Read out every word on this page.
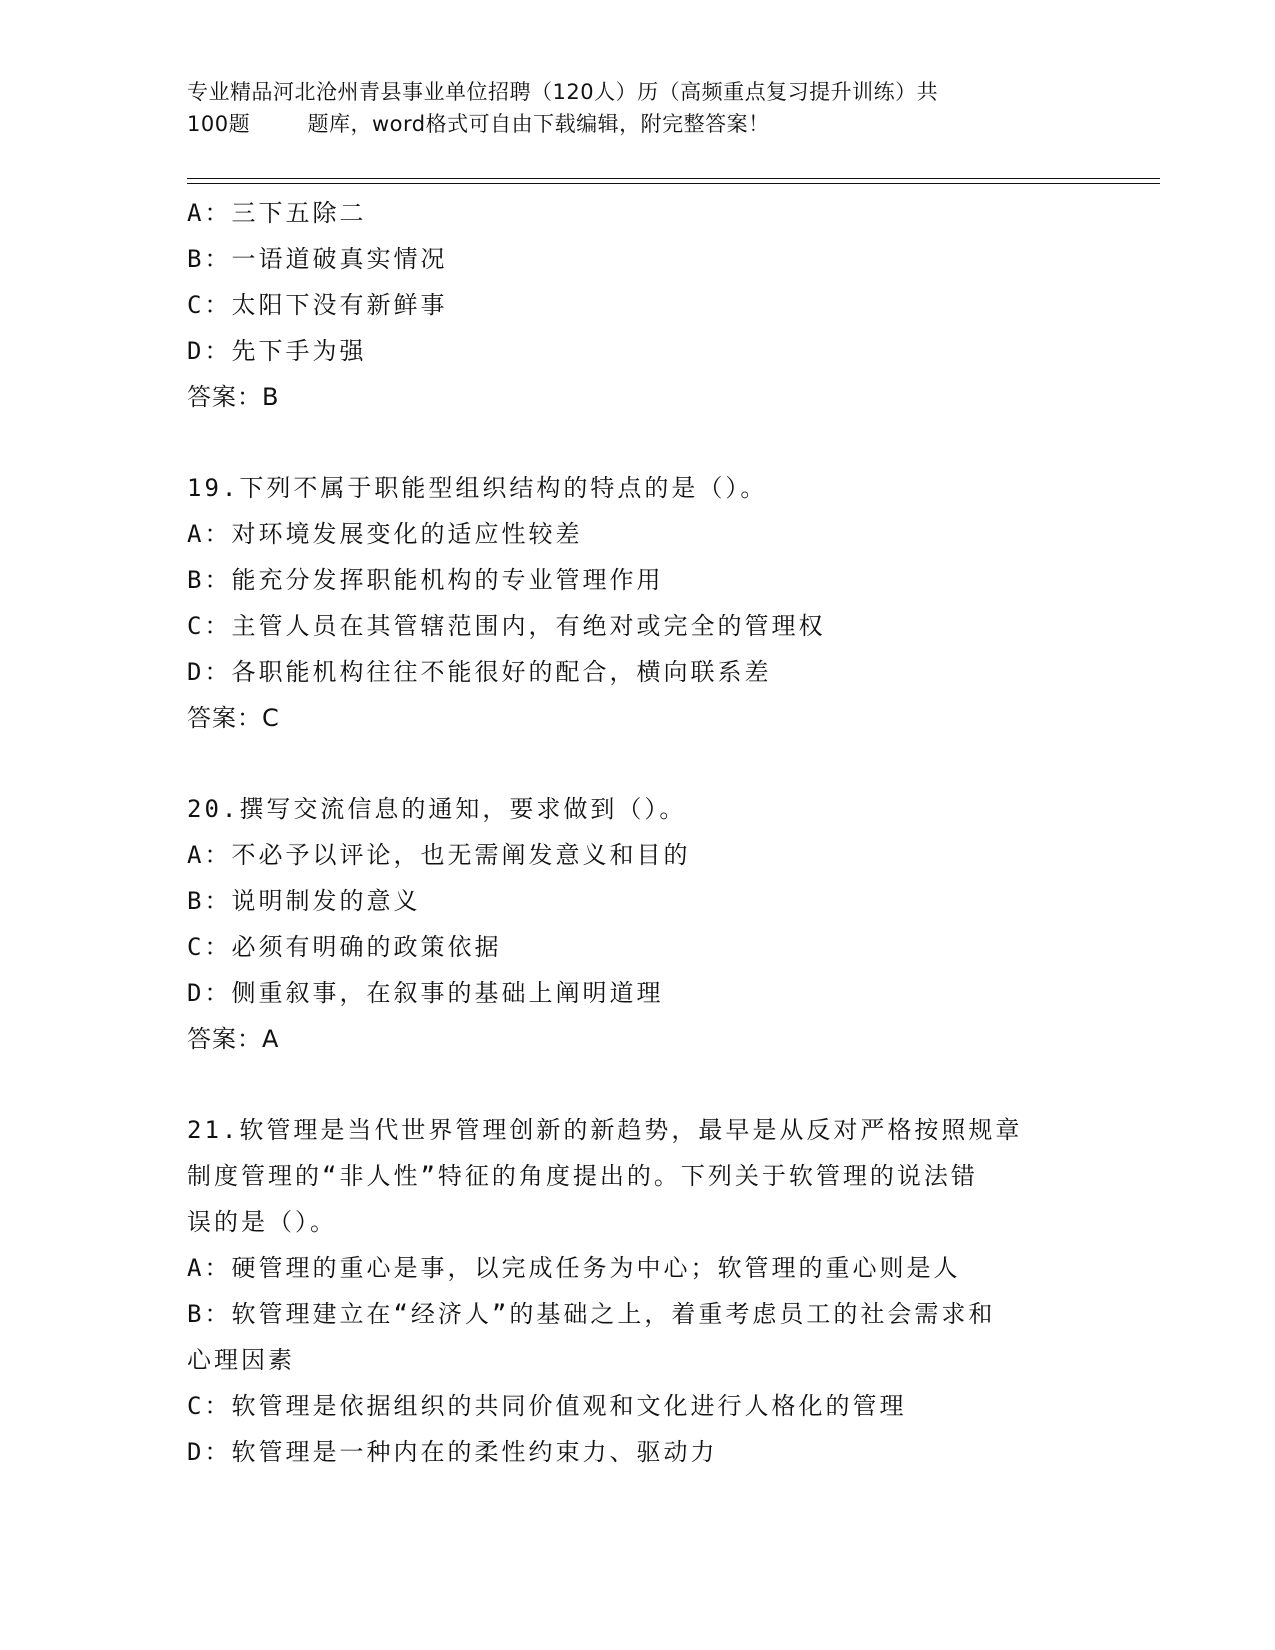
专业精品河北沧州青县事业单位招聘（120人）历（高频重点复习提升训练）共
100题        题库，word格式可自由下载编辑，附完整答案！
A：三下五除二
B：一语道破真实情况
C：太阳下没有新鲜事
D：先下手为强
答案：B
19.下列不属于职能型组织结构的特点的是（）。
A：对环境发展变化的适应性较差
B：能充分发挥职能机构的专业管理作用
C：主管人员在其管辖范围内，有绝对或完全的管理权
D：各职能机构往往不能很好的配合，横向联系差
答案：C
20.撰写交流信息的通知，要求做到（）。
A：不必予以评论，也无需阐发意义和目的
B：说明制发的意义
C：必须有明确的政策依据
D：侧重叙事，在叙事的基础上阐明道理
答案：A
21.软管理是当代世界管理创新的新趋势，最早是从反对严格按照规章
制度管理的“非人性”特征的角度提出的。下列关于软管理的说法错
误的是（）。
A：硬管理的重心是事，以完成任务为中心；软管理的重心则是人
B：软管理建立在“经济人”的基础之上，着重考虑员工的社会需求和
心理因素
C：软管理是依据组织的共同价值观和文化进行人格化的管理
D：软管理是一种内在的柔性约束力、驱动力
